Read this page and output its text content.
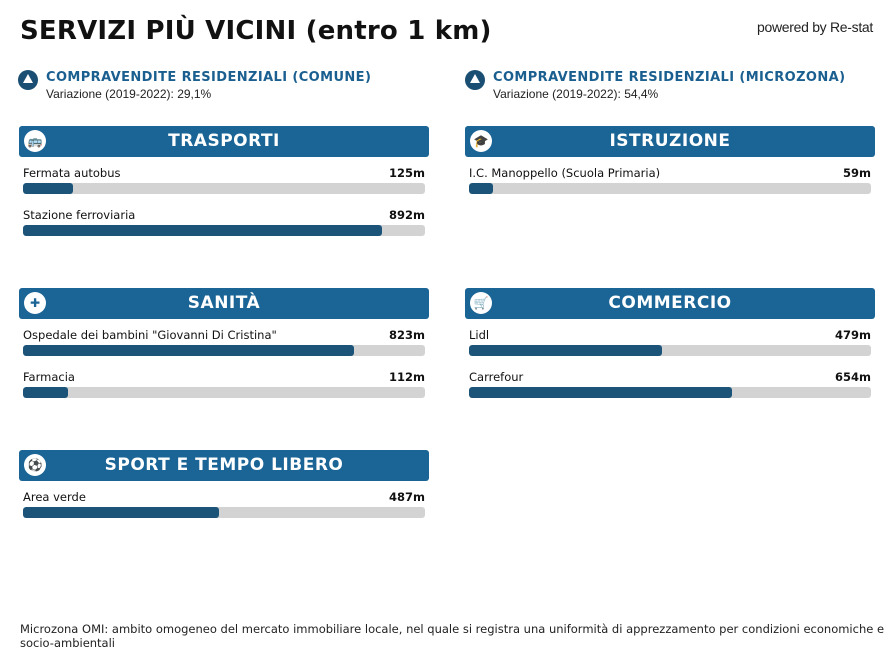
SERVIZI PIÙ VICINI (entro 1 km)	powered by Re-stat
COMPRAVENDITE RESIDENZIALI (COMUNE)
Variazione (2019-2022): 29,1%
COMPRAVENDITE RESIDENZIALI (MICROZONA)
Variazione (2019-2022): 54,4%
🚌	TRASPORTI
Fermata autobus	125m
Stazione ferroviaria	892m
🎓	ISTRUZIONE
I.C. Manoppello (Scuola Primaria)	59m
✚	SANITÀ
Ospedale dei bambini "Giovanni Di Cristina"	823m
Farmacia	112m
🛒	COMMERCIO
Lidl	479m
Carrefour	654m
⚽	SPORT E TEMPO LIBERO
Area verde	487m
Microzona OMI: ambito omogeneo del mercato immobiliare locale, nel quale si registra una uniformità di apprezzamento per condizioni economiche e
socio-ambientali
